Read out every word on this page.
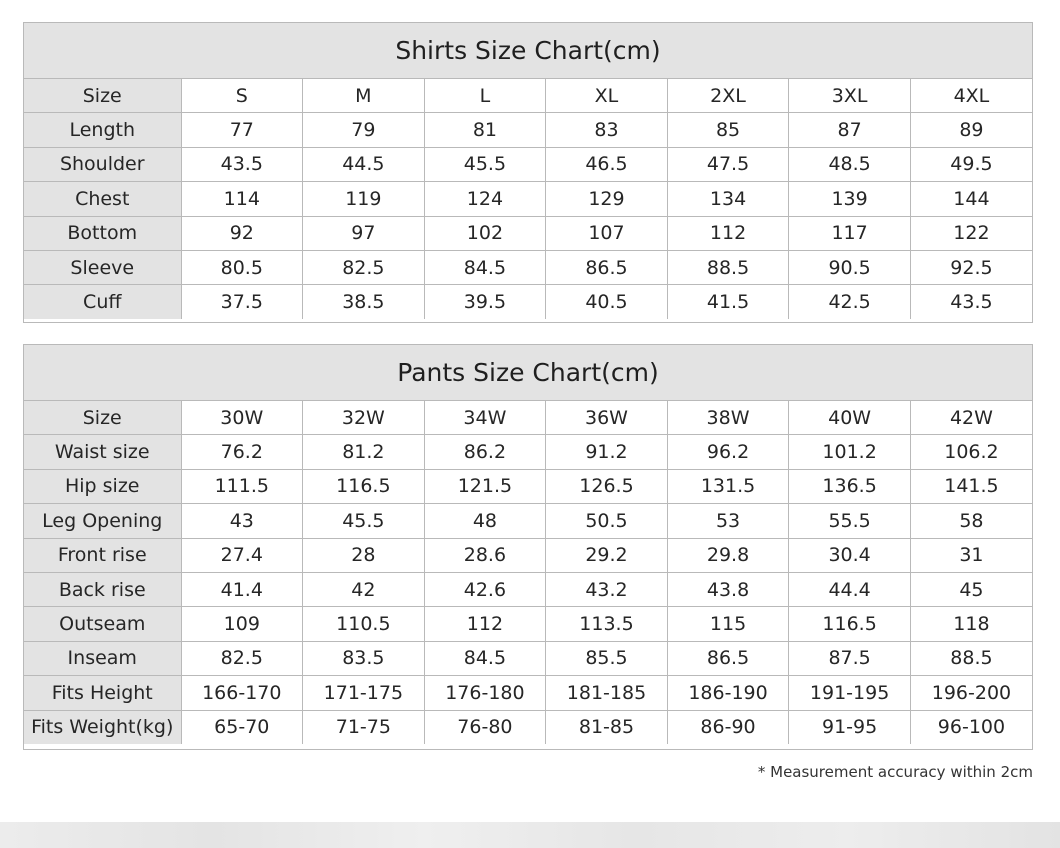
Shirts Size Chart(cm)
Size	S	M	L	XL	2XL	3XL	4XL
Length	77	79	81	83	85	87	89
Shoulder	43.5	44.5	45.5	46.5	47.5	48.5	49.5
Chest	114	119	124	129	134	139	144
Bottom	92	97	102	107	112	117	122
Sleeve	80.5	82.5	84.5	86.5	88.5	90.5	92.5
Cuff	37.5	38.5	39.5	40.5	41.5	42.5	43.5
Pants Size Chart(cm)
Size	30W	32W	34W	36W	38W	40W	42W
Waist size	76.2	81.2	86.2	91.2	96.2	101.2	106.2
Hip size	111.5	116.5	121.5	126.5	131.5	136.5	141.5
Leg Opening	43	45.5	48	50.5	53	55.5	58
Front rise	27.4	28	28.6	29.2	29.8	30.4	31
Back rise	41.4	42	42.6	43.2	43.8	44.4	45
Outseam	109	110.5	112	113.5	115	116.5	118
Inseam	82.5	83.5	84.5	85.5	86.5	87.5	88.5
Fits Height	166-170	171-175	176-180	181-185	186-190	191-195	196-200
Fits Weight(kg)	65-70	71-75	76-80	81-85	86-90	91-95	96-100
* Measurement accuracy within 2cm
